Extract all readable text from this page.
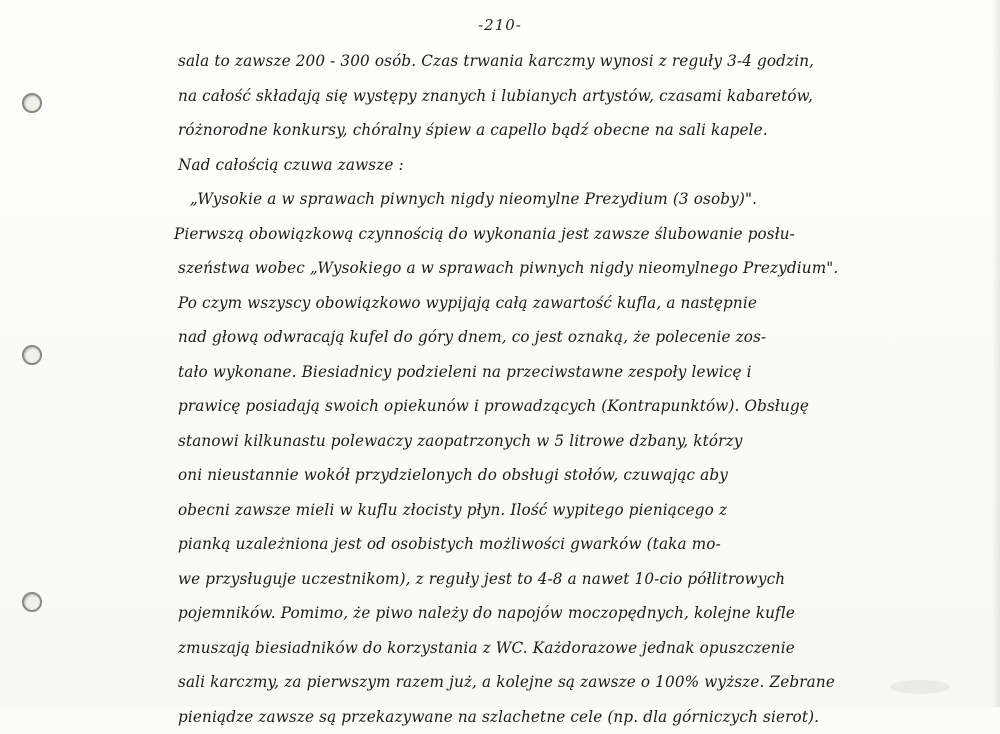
-210-
sala to zawsze 200 - 300 osób. Czas trwania karczmy wynosi z reguły 3-4 godzin,
na całość składają się występy znanych i lubianych artystów, czasami kabaretów,
różnorodne konkursy, chóralny śpiew a capello bądź obecne na sali kapele.
Nad całością czuwa zawsze :
„Wysokie a w sprawach piwnych nigdy nieomylne Prezydium (3 osoby)".
Pierwszą obowiązkową czynnością do wykonania jest zawsze ślubowanie posłu-
szeństwa wobec „Wysokiego a w sprawach piwnych nigdy nieomylnego Prezydium".
Po czym wszyscy obowiązkowo wypijają całą zawartość kufla, a następnie
nad głową odwracają kufel do góry dnem, co jest oznaką, że polecenie zos-
tało wykonane. Biesiadnicy podzieleni na przeciwstawne zespoły lewicę i
prawicę posiadają swoich opiekunów i prowadzących (Kontrapunktów). Obsługę
stanowi kilkunastu polewaczy zaopatrzonych w 5 litrowe dzbany, którzy
oni nieustannie wokół przydzielonych do obsługi stołów, czuwając aby
obecni zawsze mieli w kuflu złocisty płyn. Ilość wypitego pieniącego z
pianką uzależniona jest od osobistych możliwości gwarków (taka mo-
we przysługuje uczestnikom), z reguły jest to 4-8 a nawet 10-cio półlitrowych
pojemników. Pomimo, że piwo należy do napojów moczopędnych, kolejne kufle
zmuszają biesiadników do korzystania z WC. Każdorazowe jednak opuszczenie
sali karczmy, za pierwszym razem już, a kolejne są zawsze o 100% wyższe. Zebrane
pieniądze zawsze są przekazywane na szlachetne cele (np. dla górniczych sierot).
